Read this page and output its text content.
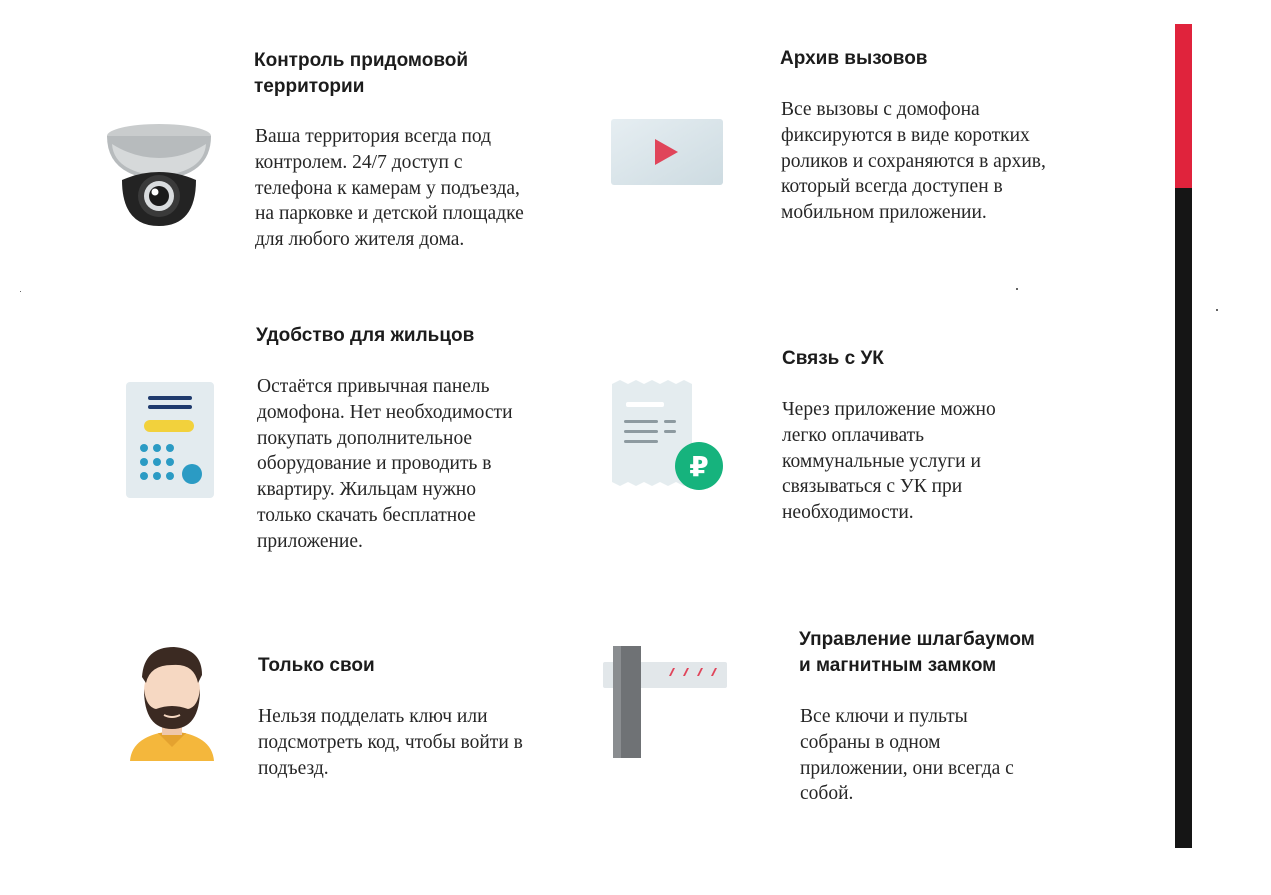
Контроль придомовой
территории

Ваша территория всегда под
контролем. 24/7 доступ с
телефона к камерам у подъезда,
на парковке и детской площадке
для любого жителя дома.

Архив вызовов

Все вызовы с домофона
фиксируются в виде коротких
роликов и сохраняются в архив,
который всегда доступен в
мобильном приложении.

Удобство для жильцов

Остаётся привычная панель
домофона. Нет необходимости
покупать дополнительное
оборудование и проводить в
квартиру. Жильцам нужно
только скачать бесплатное
приложение.

₽
Связь с УК

Через приложение можно
легко оплачивать
коммунальные услуги и
связываться с УК при
необходимости.

Только свои

Нельзя подделать ключ или
подсмотреть код, чтобы войти в
подъезд.

Управление шлагбаумом
и магнитным замком

Все ключи и пульты
собраны в одном
приложении, они всегда с
собой.
